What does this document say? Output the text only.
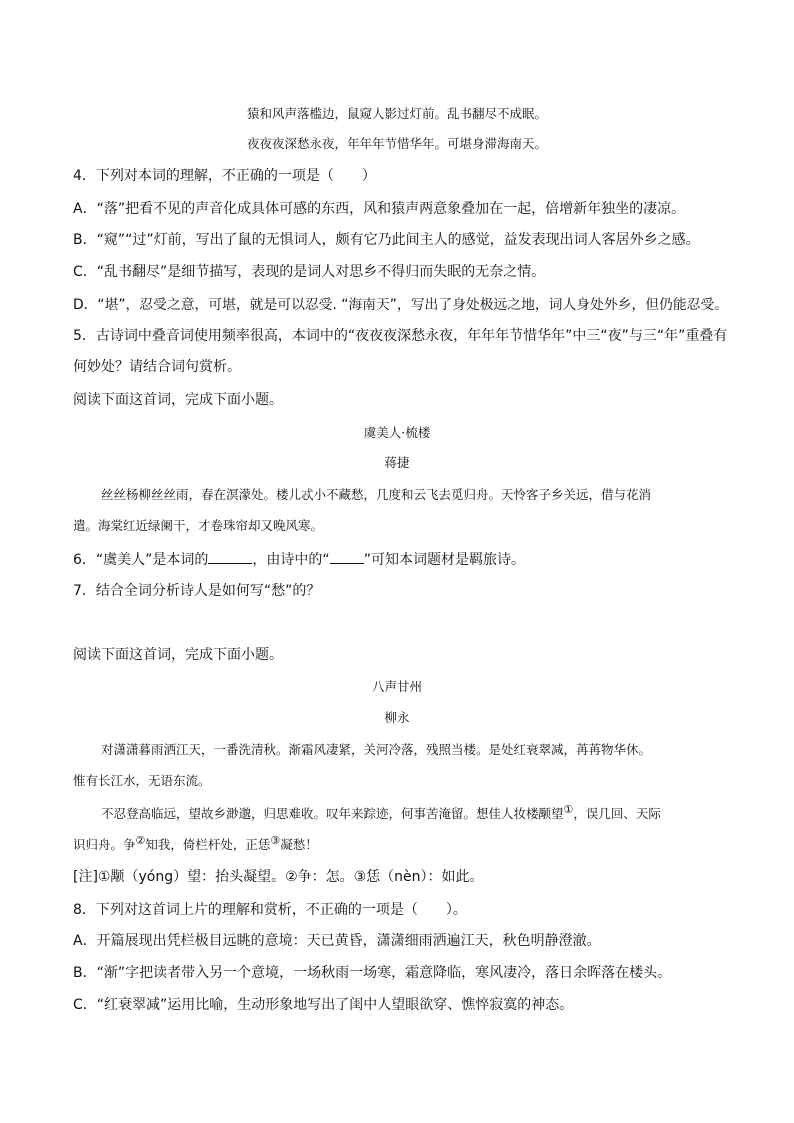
猿和风声落槛边，鼠窥人影过灯前。乱书翻尽不成眠。
夜夜夜深愁永夜，年年年节惜华年。可堪身滞海南天。
4．下列对本词的理解，不正确的一项是（　　）
A．“落”把看不见的声音化成具体可感的东西，风和猿声两意象叠加在一起，倍增新年独坐的凄凉。
B．“窥”“过”灯前，写出了鼠的无惧词人，颇有它乃此间主人的感觉，益发表现出词人客居外乡之感。
C．“乱书翻尽”是细节描写，表现的是词人对思乡不得归而失眠的无奈之情。
D．“堪”，忍受之意，可堪，就是可以忍受. “海南天”，写出了身处极远之地，词人身处外乡，但仍能忍受。
5．古诗词中叠音词使用频率很高，本词中的“夜夜夜深愁永夜，年年年节惜华年”中三“夜”与三“年”重叠有
何妙处？请结合词句赏析。
阅读下面这首词，完成下面小题。
虞美人·梳楼
蒋捷
丝丝杨柳丝丝雨，春在溟濛处。楼儿忒小不藏愁，几度和云飞去觅归舟。天怜客子乡关远，借与花消
遣。海棠红近绿阑干，才卷珠帘却又晚风寒。
6．“虞美人”是本词的	，由诗中的“ ”可知本词题材是羁旅诗。
7．结合全词分析诗人是如何写“愁”的？
阅读下面这首词，完成下面小题。
八声甘州
柳永
对潇潇暮雨洒江天，一番洗清秋。渐霜风凄紧，关河冷落，残照当楼。是处红衰翠减，苒苒物华休。
惟有长江水，无语东流。
不忍登高临远，望故乡渺邈，归思难收。叹年来踪迹，何事苦淹留。想佳人妆楼颙望①，误几回、天际
识归舟。争②知我，倚栏杆处，正恁③凝愁！
[注]①颙（yóng）望：抬头凝望。②争：怎。③恁（nèn）：如此。
8．下列对这首词上片的理解和赏析，不正确的一项是（　　）。
A．开篇展现出凭栏极目远眺的意境：天已黄昏，潇潇细雨洒遍江天，秋色明静澄澈。
B．“渐”字把读者带入另一个意境，一场秋雨一场寒，霜意降临，寒风凄冷，落日余晖落在楼头。
C．“红衰翠减”运用比喻，生动形象地写出了闺中人望眼欲穿、憔悴寂寞的神态。
